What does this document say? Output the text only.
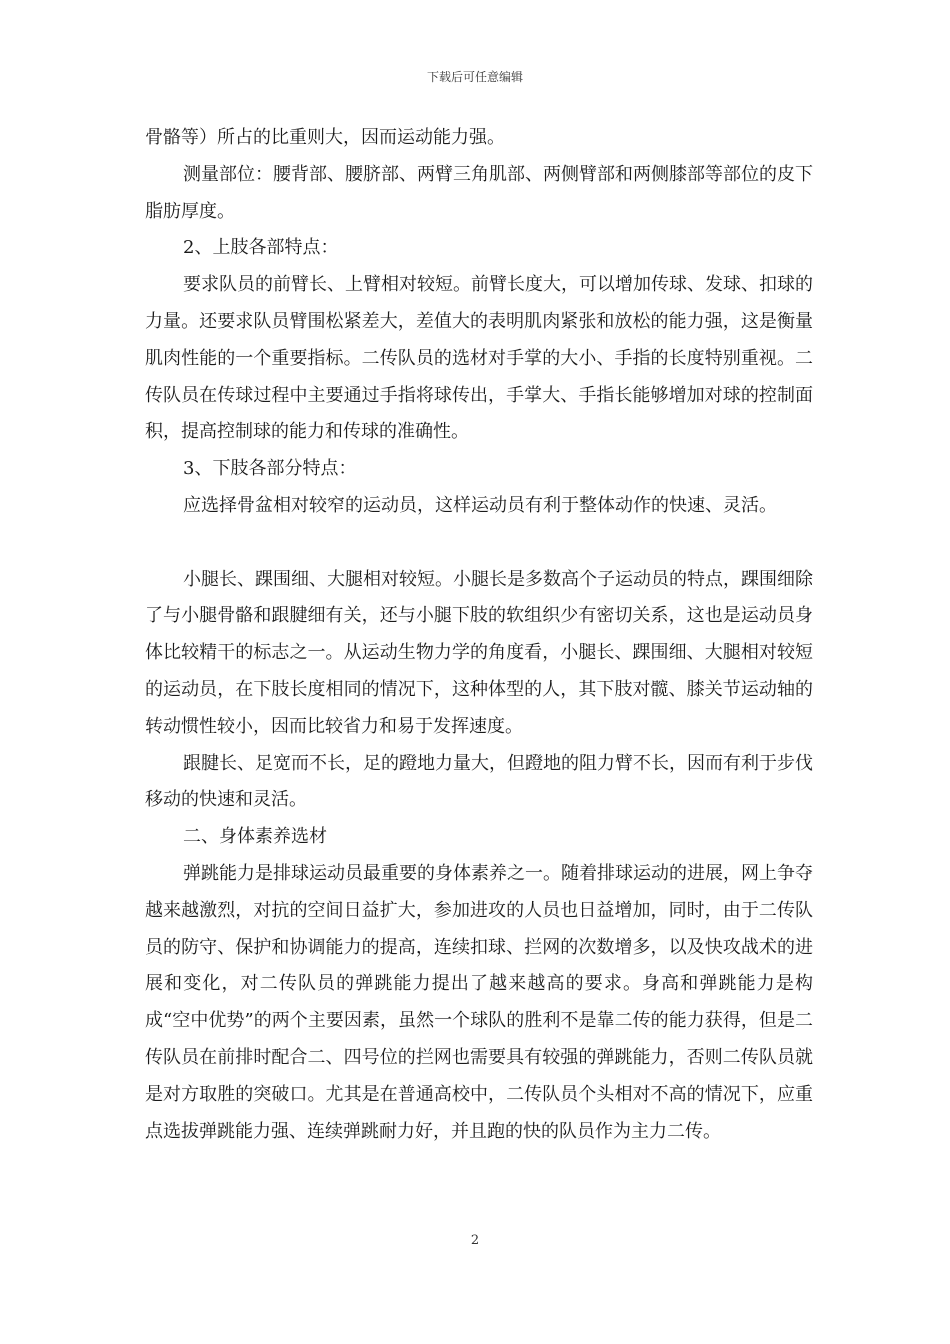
下载后可任意编辑

骨骼等）所占的比重则大，因而运动能力强。

测量部位：腰背部、腰脐部、两臂三角肌部、两侧臂部和两侧膝部等部位的皮下脂肪厚度。

2、上肢各部特点：

要求队员的前臂长、上臂相对较短。前臂长度大，可以增加传球、发球、扣球的力量。还要求队员臂围松紧差大，差值大的表明肌肉紧张和放松的能力强，这是衡量肌肉性能的一个重要指标。二传队员的选材对手掌的大小、手指的长度特别重视。二传队员在传球过程中主要通过手指将球传出，手掌大、手指长能够增加对球的控制面积，提高控制球的能力和传球的准确性。

3、下肢各部分特点：

应选择骨盆相对较窄的运动员，这样运动员有利于整体动作的快速、灵活。

小腿长、踝围细、大腿相对较短。小腿长是多数高个子运动员的特点，踝围细除了与小腿骨骼和跟腱细有关，还与小腿下肢的软组织少有密切关系，这也是运动员身体比较精干的标志之一。从运动生物力学的角度看，小腿长、踝围细、大腿相对较短的运动员，在下肢长度相同的情况下，这种体型的人，其下肢对髋、膝关节运动轴的转动惯性较小，因而比较省力和易于发挥速度。

跟腱长、足宽而不长，足的蹬地力量大，但蹬地的阻力臂不长，因而有利于步伐移动的快速和灵活。

二、身体素养选材

弹跳能力是排球运动员最重要的身体素养之一。随着排球运动的进展，网上争夺越来越激烈，对抗的空间日益扩大，参加进攻的人员也日益增加，同时，由于二传队员的防守、保护和协调能力的提高，连续扣球、拦网的次数增多，以及快攻战术的进展和变化，对二传队员的弹跳能力提出了越来越高的要求。身高和弹跳能力是构成“空中优势”的两个主要因素，虽然一个球队的胜利不是靠二传的能力获得，但是二传队员在前排时配合二、四号位的拦网也需要具有较强的弹跳能力，否则二传队员就是对方取胜的突破口。尤其是在普通高校中，二传队员个头相对不高的情况下，应重点选拔弹跳能力强、连续弹跳耐力好，并且跑的快的队员作为主力二传。

2
